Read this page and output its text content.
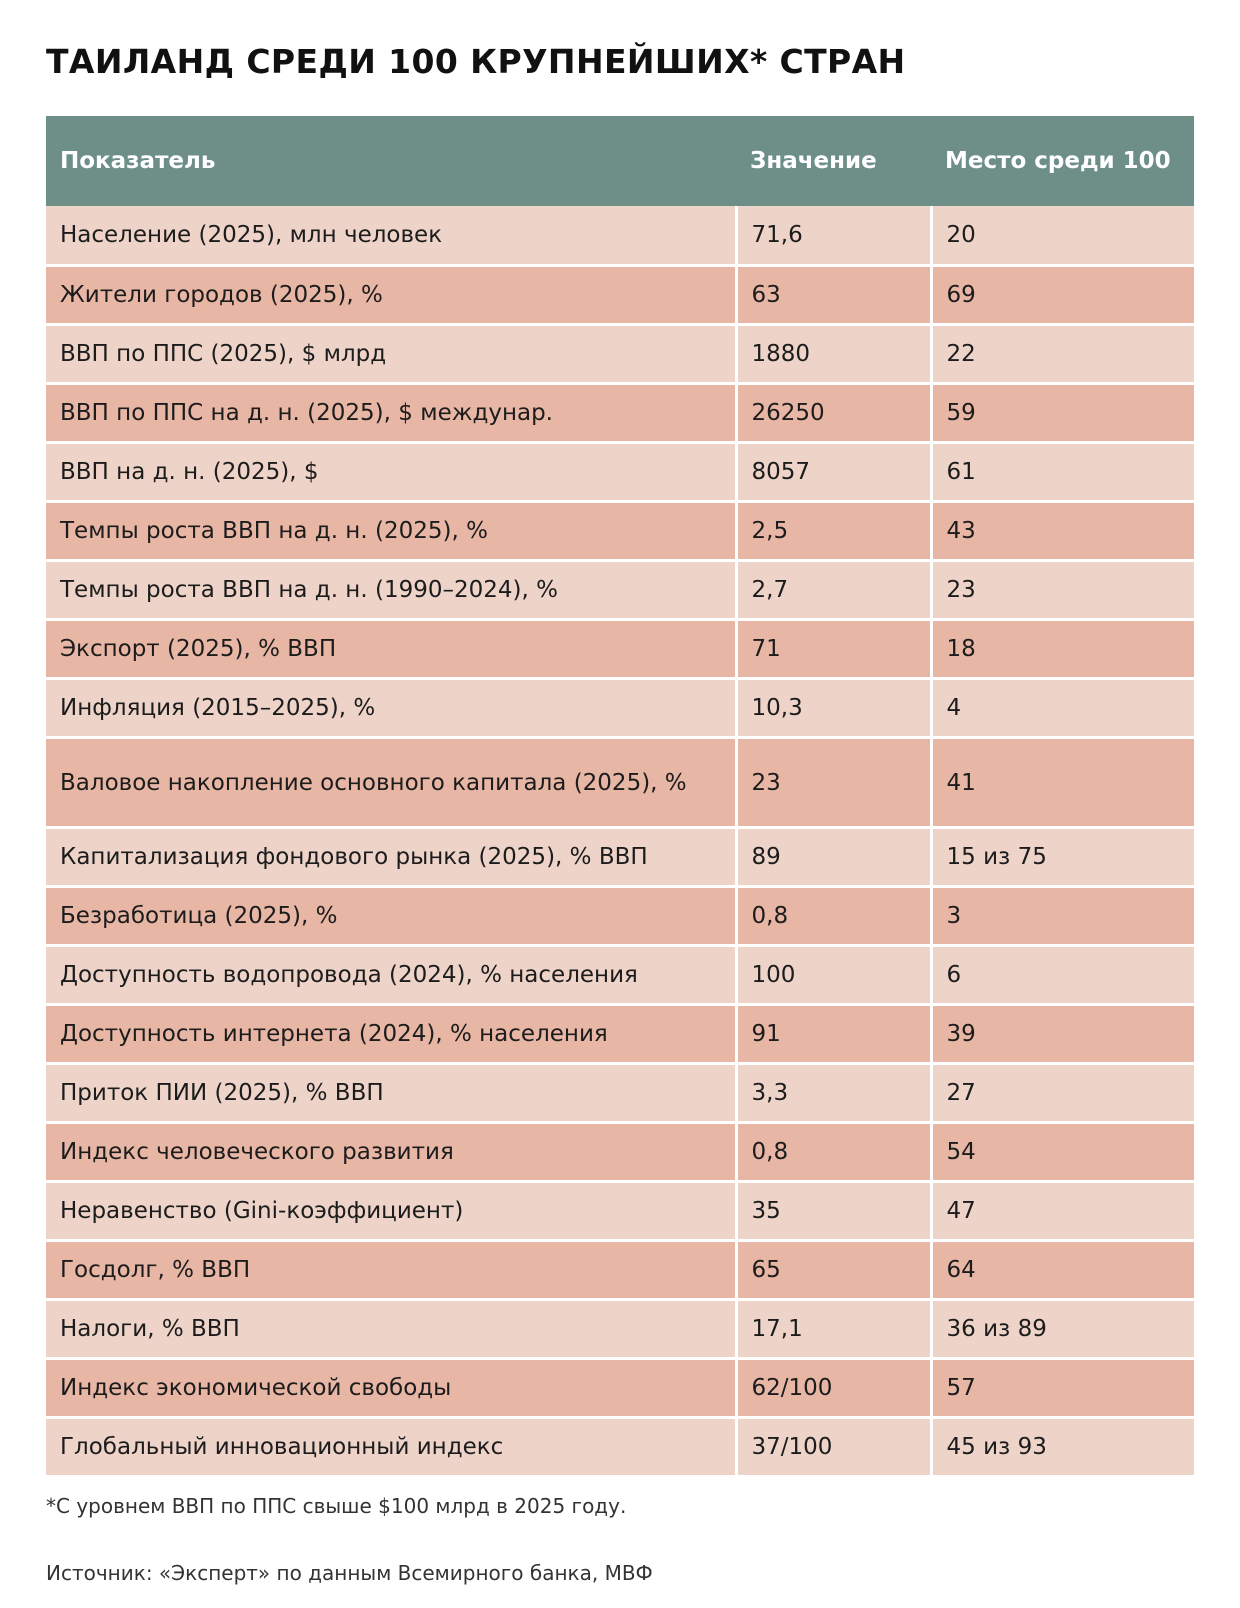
ТАИЛАНД СРЕДИ 100 КРУПНЕЙШИХ* СТРАН
Показатель	Значение	Место среди 100
Население (2025), млн человек	71,6	20
Жители городов (2025), %	63	69
ВВП по ППС (2025), $ млрд	1880	22
ВВП по ППС на д. н. (2025), $ междунар.	26250	59
ВВП на д. н. (2025), $	8057	61
Темпы роста ВВП на д. н. (2025), %	2,5	43
Темпы роста ВВП на д. н. (1990–2024), %	2,7	23
Экспорт (2025), % ВВП	71	18
Инфляция (2015–2025), %	10,3	4
Валовое накопление основного капитала (2025), %	23	41
Капитализация фондового рынка (2025), % ВВП	89	15 из 75
Безработица (2025), %	0,8	3
Доступность водопровода (2024), % населения	100	6
Доступность интернета (2024), % населения	91	39
Приток ПИИ (2025), % ВВП	3,3	27
Индекс человеческого развития	0,8	54
Неравенство (Gini-коэффициент)	35	47
Госдолг, % ВВП	65	64
Налоги, % ВВП	17,1	36 из 89
Индекс экономической свободы	62/100	57
Глобальный инновационный индекс	37/100	45 из 93
*С уровнем ВВП по ППС свыше $100 млрд в 2025 году.
Источник: «Эксперт» по данным Всемирного банка, МВФ
